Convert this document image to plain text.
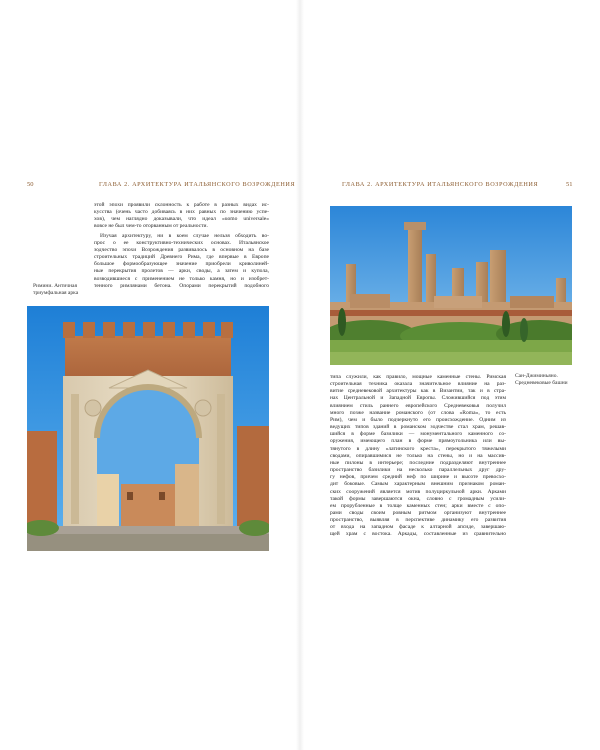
50	ГЛАВА 2. АРХИТЕКТУРА ИТАЛЬЯНСКОГО ВОЗРОЖДЕНИЯ
этой эпохи проявили склонность к работе в разных видах ис-
кусства (очень часто добиваясь в них равных по значению успе-
хов), чем наглядно доказывали, что идеал «uomo universale»
вовсе не был чем-то оторванным от реальности.
Изучая архитектуру, ни в коем случае нельзя обходить во-
прос о ее конструктивно-технических основах. Итальянское
зодчество эпохи Возрождения развивалось в основном на базе
строительных традиций Древнего Рима, где впервые в Европе
большое формообразующее значение приобрели криволиней-
ные перекрытия пролетов — арки, своды, а затем и купола,
возводившиеся с применением не только камня, но и изобрет-
тенного римлянами бетона. Опорами перекрытий подобного
Римини. Античная
триумфальная арка
ГЛАВА 2. АРХИТЕКТУРА ИТАЛЬЯНСКОГО ВОЗРОЖДЕНИЯ	51
Сан-Джиминьяно.
Средневековые башни
типа служили, как правило, мощные каменные стены. Римская
строительная техника оказала значительное влияние на раз-
витие средневековой архитектуры как в Византии, так и в стра-
нах Центральной и Западной Европы. Сложившийся под этим
влиянием стиль раннего европейского Средневековья получил
много позже название романского (от слова «Roma», то есть
Рим), чем и было подчеркнуто его происхождение. Одним из
ведущих типов зданий в романском зодчестве стал храм, решав-
шийся в форме базилики — монументального каменного со-
оружения, имеющего план в форме прямоугольника или вы-
тянутого в длину «латинского креста», перекрытого тяжелыми
сводами, опиравшимися не только на стены, но и на массив-
ные пилоны в интерьере; последние подразделяют внутреннее
пространство базилики на несколько параллельных друг дру-
гу нефов, причем средний неф по ширине и высоте превосхо-
дит боковые. Самым характерным внешним признаком роман-
ских сооружений является мотив полуциркульной арки. Арками
такой формы завершаются окна, словно с громадным усили-
ем прорубленные в толще каменных стен; арки вместе с опо-
рами своды своим ровным ритмом организуют внутреннее
пространство, выявляя в перспективе динамику его развития
от входа на западном фасаде к алтарной апсиде, завершаю-
щей храм с востока. Аркады, составленные из сравнительно
